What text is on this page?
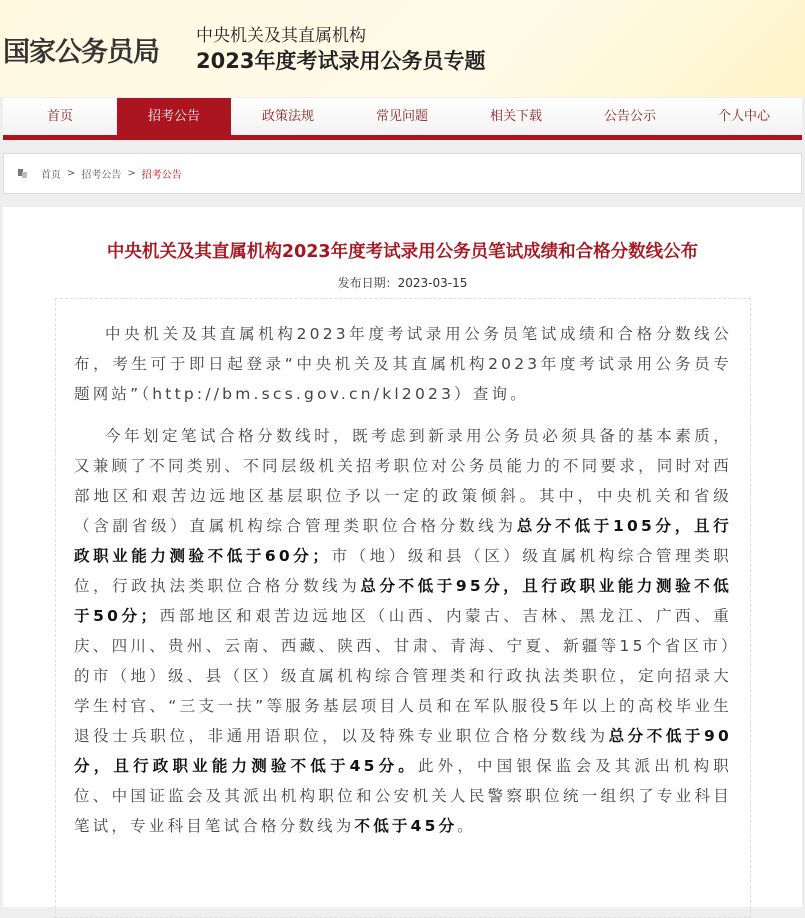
国家公务员局
中央机关及其直属机构
2023年度考试录用公务员专题
首页	招考公告	政策法规	常见问题	相关下载	公告公示	个人中心
首页 > 招考公告 > 招考公告
中央机关及其直属机构2023年度考试录用公务员笔试成绩和合格分数线公布
发布日期：2023-03-15

中央机关及其直属机构2023年度考试录用公务员笔试成绩和合格分数线公布，考生可于即日起登录“中央机关及其直属机构2023年度考试录用公务员专题网站”（http://bm.scs.gov.cn/kl2023）查询。

今年划定笔试合格分数线时，既考虑到新录用公务员必须具备的基本素质，又兼顾了不同类别、不同层级机关招考职位对公务员能力的不同要求，同时对西部地区和艰苦边远地区基层职位予以一定的政策倾斜。其中，中央机关和省级（含副省级）直属机构综合管理类职位合格分数线为总分不低于105分，且行政职业能力测验不低于60分；市（地）级和县（区）级直属机构综合管理类职位，行政执法类职位合格分数线为总分不低于95分，且行政职业能力测验不低于50分；西部地区和艰苦边远地区（山西、内蒙古、吉林、黑龙江、广西、重庆、四川、贵州、云南、西藏、陕西、甘肃、青海、宁夏、新疆等15个省区市）的市（地）级、县（区）级直属机构综合管理类和行政执法类职位，定向招录大学生村官、“三支一扶”等服务基层项目人员和在军队服役5年以上的高校毕业生退役士兵职位，非通用语职位，以及特殊专业职位合格分数线为总分不低于90分，且行政职业能力测验不低于45分。此外，中国银保监会及其派出机构职位、中国证监会及其派出机构职位和公安机关人民警察职位统一组织了专业科目笔试，专业科目笔试合格分数线为不低于45分。
